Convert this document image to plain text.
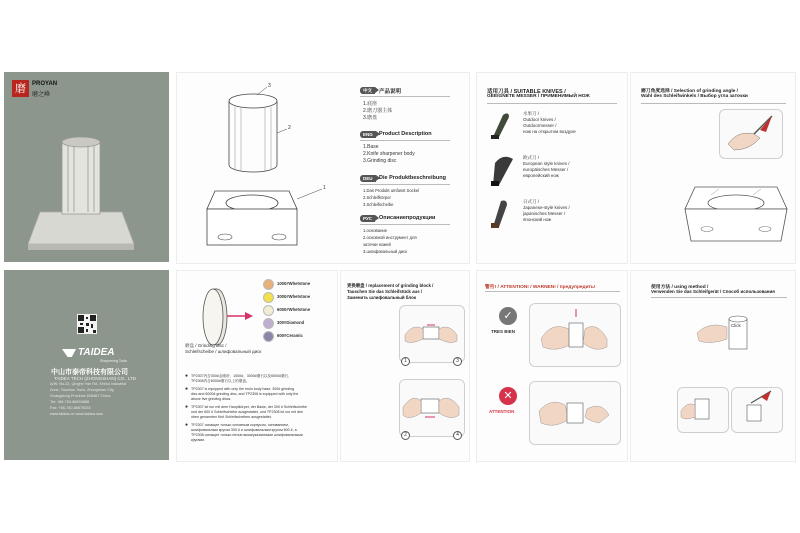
磨	PROYAN
磨之峰
TAIDEA
Sharpening Tools
中山市泰帝科技有限公司
TAIDEA TECH (ZHONGSHAN) CO., LTD
A/W: No.22, Qinghe Yan Rd, Xinhui Industrial
Zone, Tanzhou Town, Zhongshan City,
Guangdong Province,528467 China
Tel: +86-760-86694888
Fax: +86-760-86675033
www.taidea.cn www.taidea.com
3
2
1
中文	产品说明
1.底座
2.磨刀器主体
3.磨盘
ENG	Product Description
1.Base
2.Knife sharpener body
3.Grinding disc
DEU	Die Produktbeschreibung
1.Das Produkt umfasst Sockel
2.Schleifkörper
3.Schleifscheibe
РУС	Описаниепродукции
1.основание
2.основной инструмент для
заточки ножей
3.шлифовальный диск
适用刀具 / SUITABLE KNIVES /
GEEIGNETE MESSER / ПРИМЕНИМЫЙ НОЖ
水果刀 /
Outdoor knives /
Outdoormesser /
нож на открытом воздухе
欧式刀 /
European style knives /
europäisches Messer /
европейский нож
日式刀 /
Japanese-style knives /
japanisches Messer /
японский нож
磨刀角度选择 / Selection of grinding angle /
Wahl des Schleifwinkels / Выбор угла заточки
磨盘 / Grinding disc /
Schleifscheibe / шлифовальный диск
● TP2307内含300#金刚砂、1000#、3000#磨石以及6000#磨石,
TP2308内含6000#磨石以上的磨盘。
● TP2307 is equipped with only the resin body base, 300# grinding
disc and 6000# grinding disc, and TP2308 is equipped with only the
above five grinding discs.
● TP2307 ist nur mit dem Hauptkörper, der Basis, der 300 # Schleifscheibe
und der 600 # Schleifscheibe ausgestattet, und TP2308 ist nur mit den
oben genannten fünf Schleifscheiben ausgestattet.
● TP2307 оснащен только основным корпусом, основанием,
шлифовальным кругом 300 # и шлифовальным кругом 600 #, а
TP2308 оснащен только пятью вышеуказанными шлифовальными
кругами.
1000#Whetstone
3000#Whetstone
6000#Whetstone
300#Diamond
600#Ceramic
更换磨盘 / replacement of grinding block /
Tauschen Sie das Schleifstück aus /
Заменить шлифовальный блок
1	3
2	4
警告! / ATTENTION! / WARNEN! / предупредить!
✓
TRES BIEN
✕
ATTENTION
使用方法 / using method /
Verwenden Sie das Schleifgerät / Способ использования
Click
